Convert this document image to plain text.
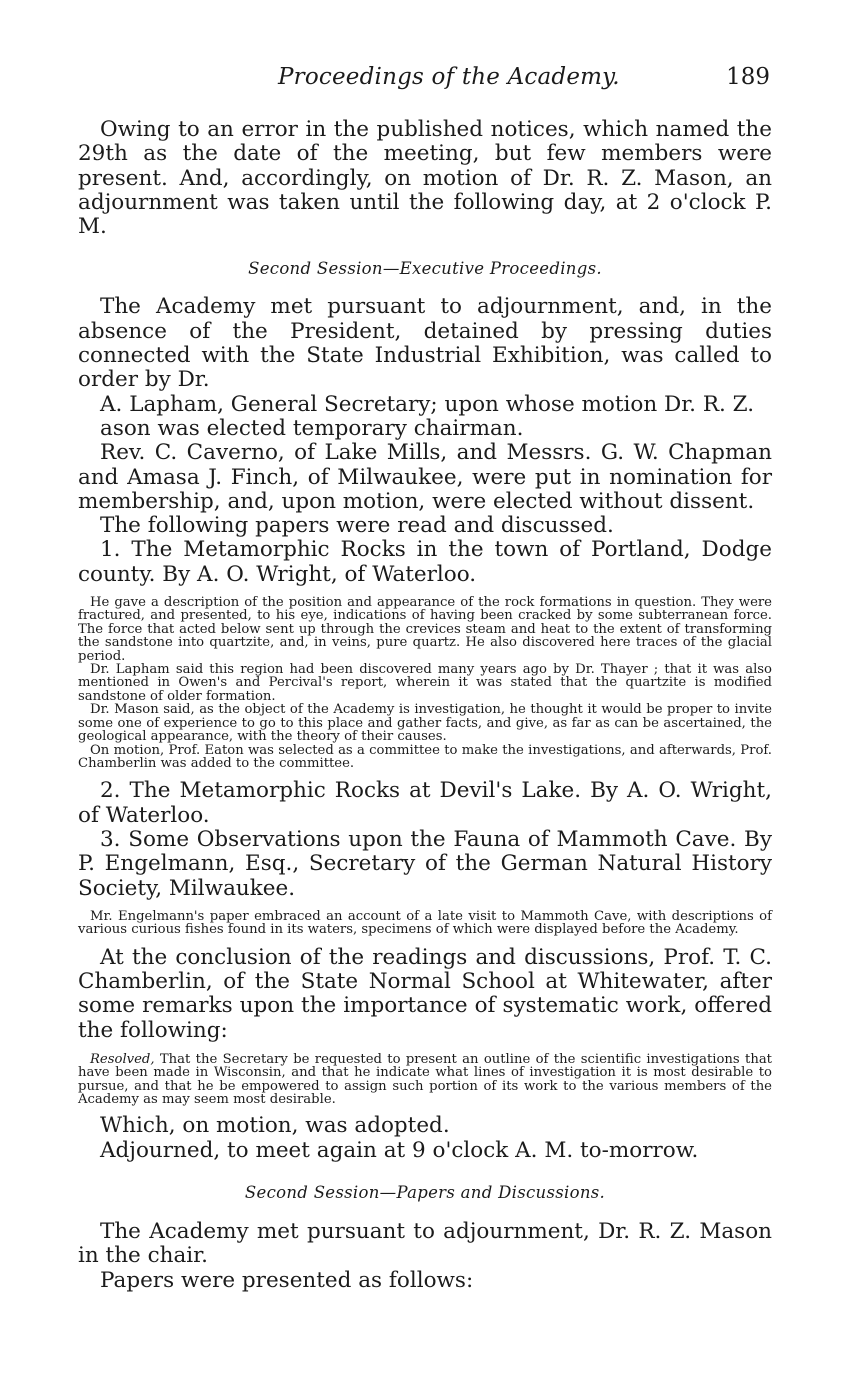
Proceedings of the Academy.	189

Owing to an error in the published notices, which named the 29th as the date of the meeting, but few members were present. And, accordingly, on motion of Dr. R. Z. Mason, an adjournment was taken until the following day, at 2 o'clock P. M.

Second Session—Executive Proceedings.

The Academy met pursuant to adjournment, and, in the absence of the President, detained by pressing duties connected with the State Industrial Exhibition, was called to order by Dr.

A. Lapham, General Secretary; upon whose motion Dr. R. Z.

ason was elected temporary chairman.

Rev. C. Caverno, of Lake Mills, and Messrs. G. W. Chapman and Amasa J. Finch, of Milwaukee, were put in nomination for membership, and, upon motion, were elected without dissent.

The following papers were read and discussed.

1. The Metamorphic Rocks in the town of Portland, Dodge county. By A. O. Wright, of Waterloo.

He gave a description of the position and appearance of the rock formations in question. They were fractured, and presented, to his eye, indications of having been cracked by some subterranean force. The force that acted below sent up through the crevices steam and heat to the extent of transforming the sandstone into quartzite, and, in veins, pure quartz. He also discovered here traces of the glacial period.

Dr. Lapham said this region had been discovered many years ago by Dr. Thayer ; that it was also mentioned in Owen's and Percival's report, wherein it was stated that the quartzite is modified sandstone of older formation.

Dr. Mason said, as the object of the Academy is investigation, he thought it would be proper to invite some one of experience to go to this place and gather facts, and give, as far as can be ascertained, the geological appearance, with the theory of their causes.

On motion, Prof. Eaton was selected as a committee to make the investigations, and afterwards, Prof. Chamberlin was added to the committee.

2. The Metamorphic Rocks at Devil's Lake. By A. O. Wright, of Waterloo.

3. Some Observations upon the Fauna of Mammoth Cave. By P. Engelmann, Esq., Secretary of the German Natural History Society, Milwaukee.

Mr. Engelmann's paper embraced an account of a late visit to Mammoth Cave, with descriptions of various curious fishes found in its waters, specimens of which were displayed before the Academy.

At the conclusion of the readings and discussions, Prof. T. C. Chamberlin, of the State Normal School at Whitewater, after some remarks upon the importance of systematic work, offered the following:

Resolved, That the Secretary be requested to present an outline of the scientific investigations that have been made in Wisconsin, and that he indicate what lines of investigation it is most desirable to pursue, and that he be empowered to assign such portion of its work to the various members of the Academy as may seem most desirable.

Which, on motion, was adopted.

Adjourned, to meet again at 9 o'clock A. M. to-morrow.

Second Session—Papers and Discussions.

The Academy met pursuant to adjournment, Dr. R. Z. Mason in the chair.

Papers were presented as follows:
